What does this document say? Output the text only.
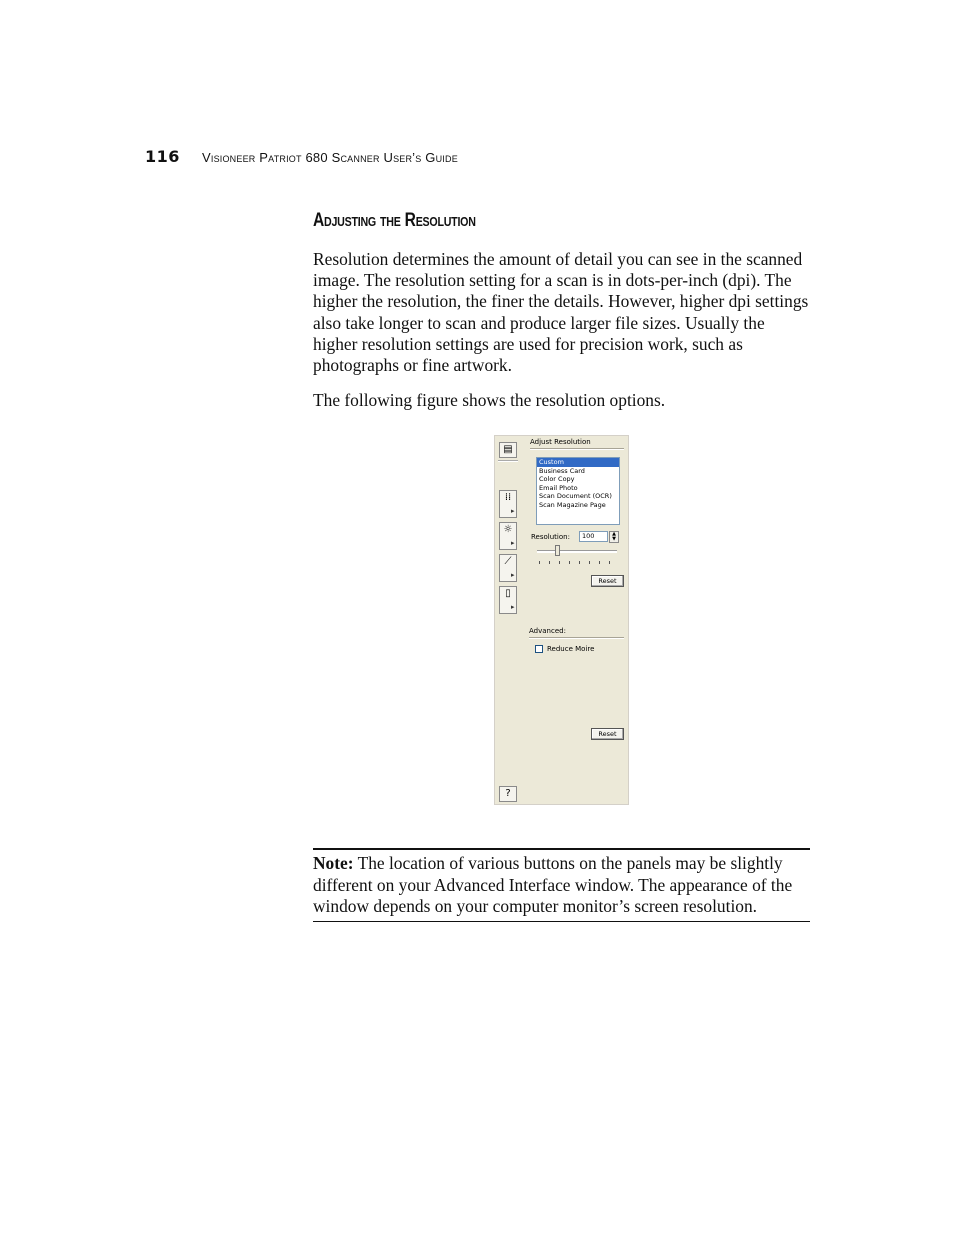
116 Visioneer Patriot 680 Scanner User’s Guide
Adjusting the Resolution

Resolution determines the amount of detail you can see in the scanned image. The resolution setting for a scan is in dots-per-inch (dpi). The higher the resolution, the finer the details. However, higher dpi settings also take longer to scan and produce larger file sizes. Usually the higher resolution settings are used for precision work, such as photographs or fine artwork.

The following figure shows the resolution options.

▤
⁞⁞
▸
☼
▸
⟋
▸
▯
▸
?
Adjust Resolution
Custom
Business Card
Color Copy
Email Photo
Scan Document (OCR)
Scan Magazine Page
Resolution:	100	▲
▼
Reset
Advanced:
Reduce Moire
Reset

Note: The location of various buttons on the panels may be slightly different on your Advanced Interface window. The appearance of the window depends on your computer monitor’s screen resolution.
